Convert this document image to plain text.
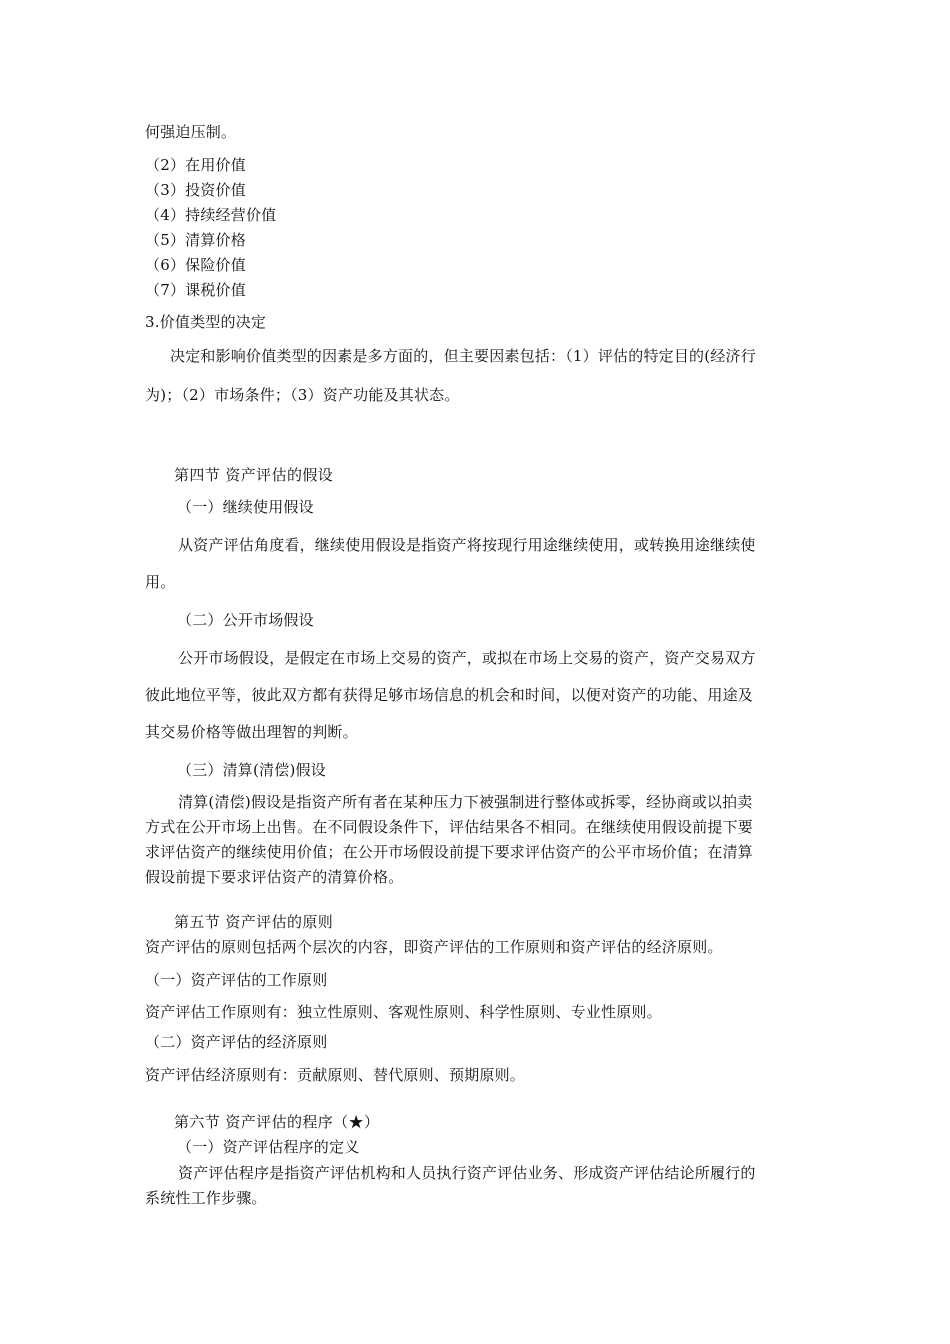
何强迫压制。
（2）在用价值
（3）投资价值
（4）持续经营价值
（5）清算价格
（6）保险价值
（7）课税价值
3.价值类型的决定
决定和影响价值类型的因素是多方面的，但主要因素包括：（1）评估的特定目的(经济行
为)；（2）市场条件；（3）资产功能及其状态。
第四节 资产评估的假设
（一）继续使用假设
从资产评估角度看，继续使用假设是指资产将按现行用途继续使用，或转换用途继续使
用。
（二）公开市场假设
公开市场假设，是假定在市场上交易的资产，或拟在市场上交易的资产，资产交易双方
彼此地位平等，彼此双方都有获得足够市场信息的机会和时间，以便对资产的功能、用途及
其交易价格等做出理智的判断。
（三）清算(清偿)假设
清算(清偿)假设是指资产所有者在某种压力下被强制进行整体或拆零，经协商或以拍卖
方式在公开市场上出售。在不同假设条件下，评估结果各不相同。在继续使用假设前提下要
求评估资产的继续使用价值；在公开市场假设前提下要求评估资产的公平市场价值；在清算
假设前提下要求评估资产的清算价格。
第五节 资产评估的原则
资产评估的原则包括两个层次的内容，即资产评估的工作原则和资产评估的经济原则。
（一）资产评估的工作原则
资产评估工作原则有：独立性原则、客观性原则、科学性原则、专业性原则。
（二）资产评估的经济原则
资产评估经济原则有：贡献原则、替代原则、预期原则。
第六节 资产评估的程序（★）
（一）资产评估程序的定义
资产评估程序是指资产评估机构和人员执行资产评估业务、形成资产评估结论所履行的
系统性工作步骤。
